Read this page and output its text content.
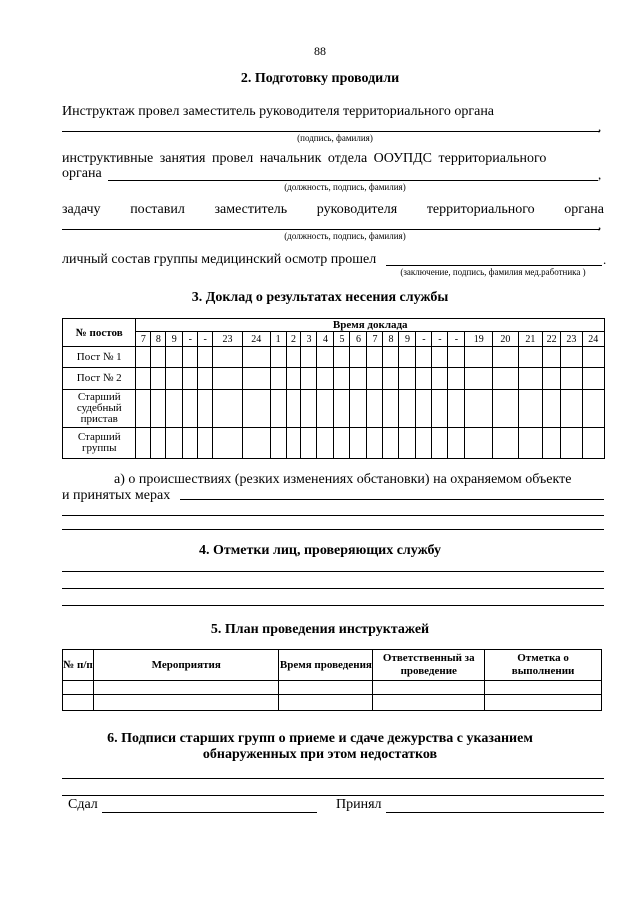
88
2. Подготовку проводили
Инструктаж провел заместитель руководителя территориального органа
,
(подпись, фамилия)
инструктивные занятия провел начальник отдела ООУПДС территориального
органа	,
(должность, подпись, фамилия)
задачу поставил заместитель руководителя территориального органа
,
(должность, подпись, фамилия)
личный состав группы медицинский осмотр прошел	.
(заключение, подпись, фамилия мед.работника )
3. Доклад о результатах несения службы
№ постов	Время доклада																								
	7	8	9	-	-	23	24	1	2	3	4	5	6	7	8	9	-	-	-	19	20	21	22	23	24
Пост № 1																									
Пост № 2																									
Старший судебный пристав																									
Старший группы																									
а) о происшествиях (резких изменениях обстановки) на охраняемом объекте
и принятых мерах
4. Отметки лиц, проверяющих службу
5. План проведения инструктажей
№ п/п	Мероприятия	Время проведения	Ответственный за проведение	Отметка о выполнении

6. Подписи старших групп о приеме и сдаче дежурства с указанием
обнаруженных при этом недостатков
Сдал	Принял
